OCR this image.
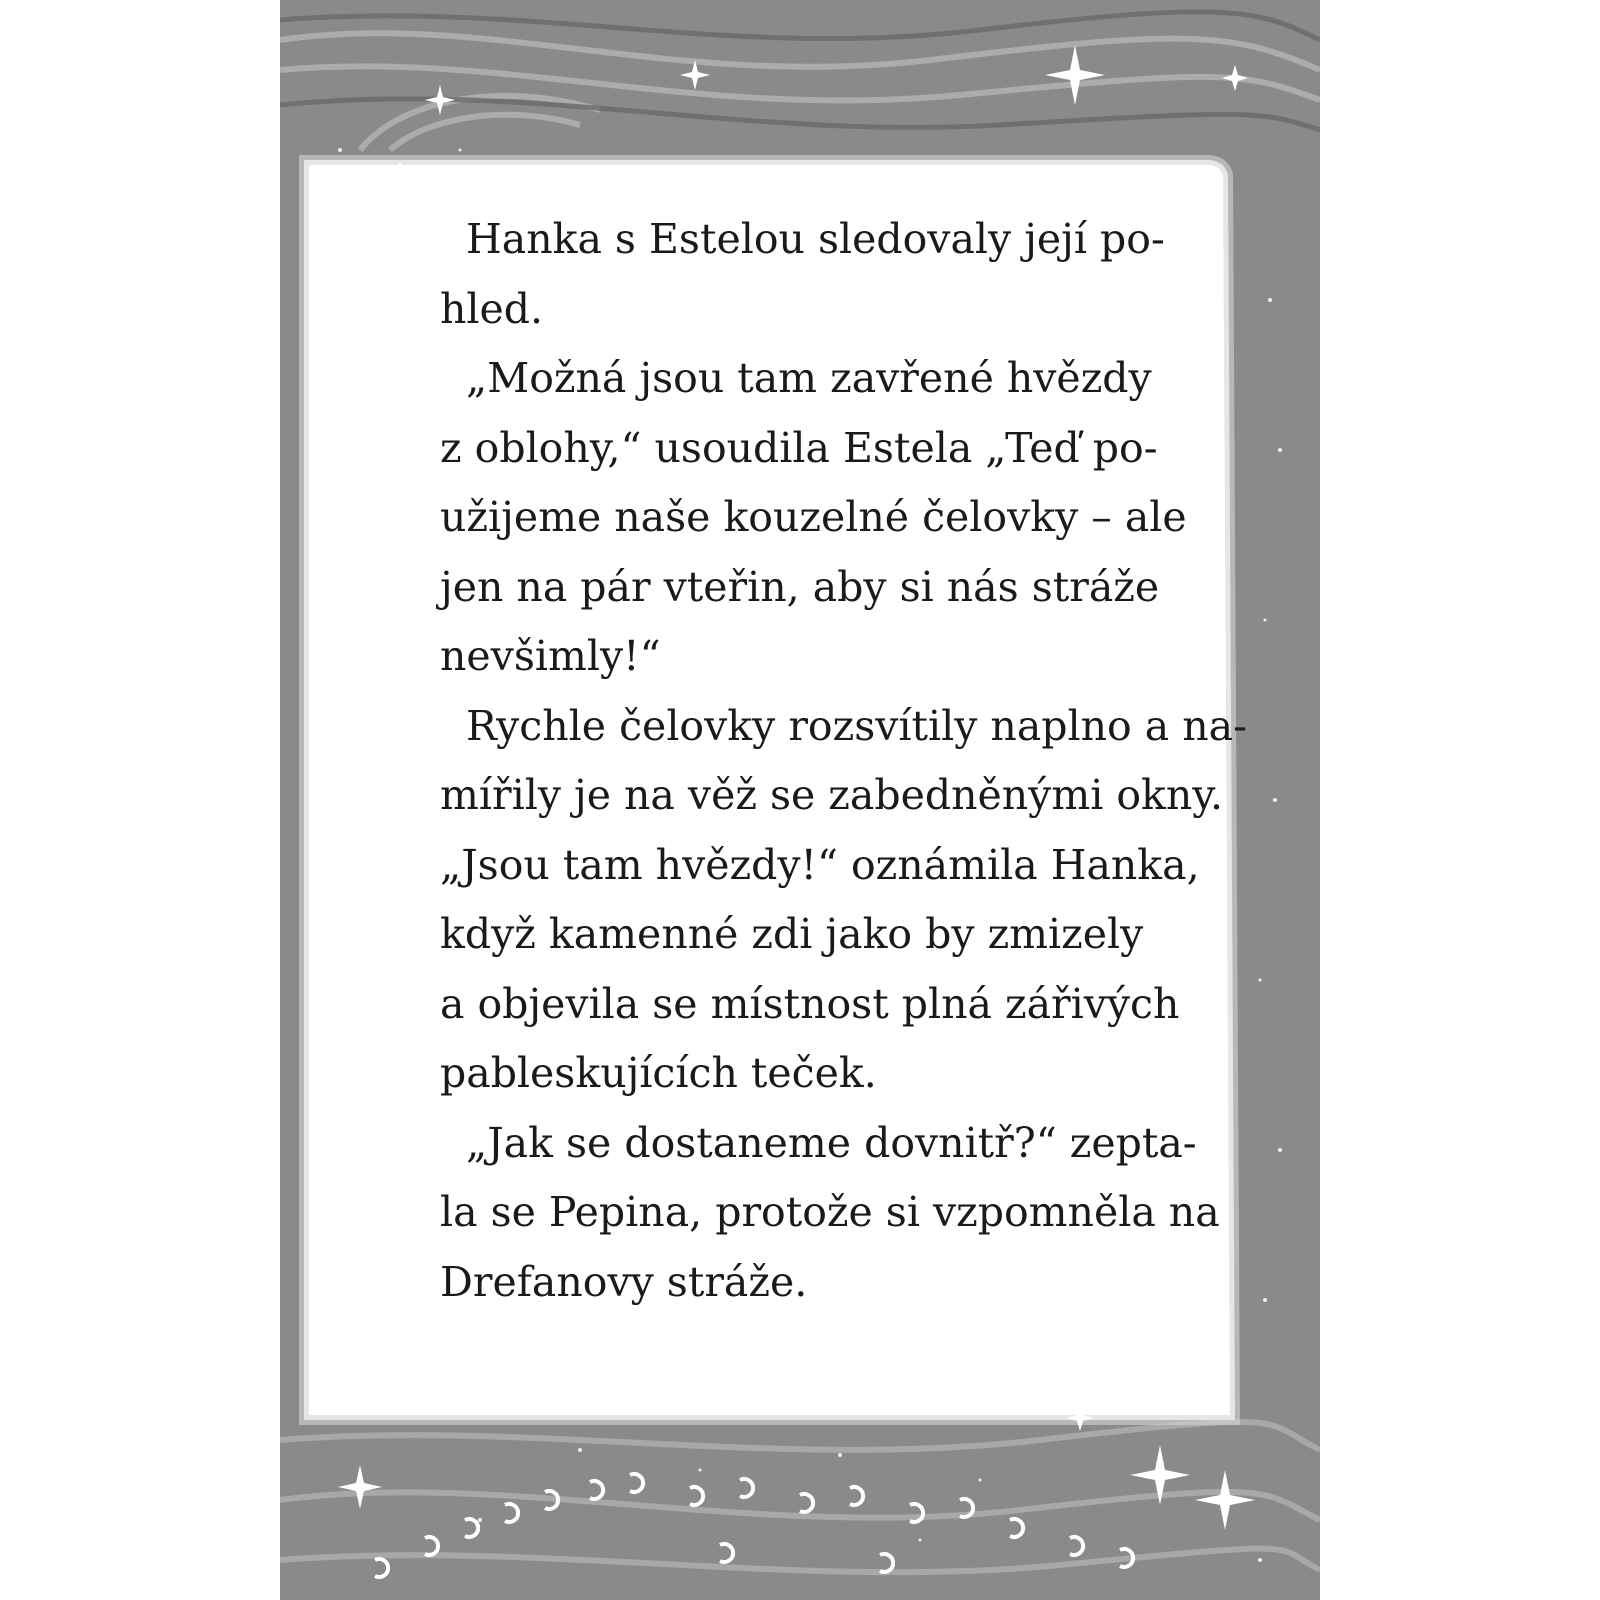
Hanka s Estelou sledovaly její po-
hled.
„Možná jsou tam zavřené hvězdy
z oblohy,“ usoudila Estela „Teď po-
užijeme naše kouzelné čelovky – ale
jen na pár vteřin, aby si nás stráže
nevšimly!“
Rychle čelovky rozsvítily naplno a na-
mířily je na věž se zabedněnými okny.
„Jsou tam hvězdy!“ oznámila Hanka,
když kamenné zdi jako by zmizely
a objevila se místnost plná zářivých
pableskujících teček.
„Jak se dostaneme dovnitř?“ zepta-
la se Pepina, protože si vzpomněla na
Drefanovy stráže.
